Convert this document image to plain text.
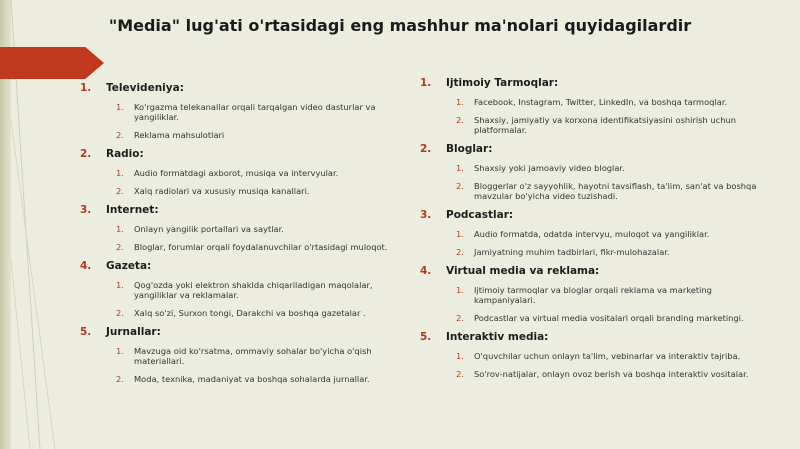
"Media" lug'ati o'rtasidagi eng mashhur ma'nolari quyidagilardir
1.	Televideniya:
1.	Ko'rgazma telekanallar orqali tarqalgan video dasturlar va yangiliklar.
2.	Reklama mahsulotlari
2.	Radio:
1.	Audio formatdagi axborot, musiqa va intervyular.
2.	Xalq radiolari va xususiy musiqa kanallari.
3.	Internet:
1.	Onlayn yangilik portallari va saytlar.
2.	Bloglar, forumlar orqali foydalanuvchilar o'rtasidagi muloqot.
4.	Gazeta:
1.	Qog'ozda yoki elektron shaklda chiqariladigan maqolalar, yangiliklar va reklamalar.
2.	Xalq so'zi, Surxon tongi, Darakchi va boshqa gazetalar .
5.	Jurnallar:
1.	Mavzuga oid ko'rsatma, ommaviy sohalar bo'yicha o'qish materiallari.
2.	Moda, texnika, madaniyat va boshqa sohalarda jurnallar.
1.	Ijtimoiy Tarmoqlar:
1.	Facebook, Instagram, Twitter, LinkedIn, va boshqa tarmoqlar.
2.	Shaxsiy, jamiyatiy va korxona identifikatsiyasini oshirish uchun platformalar.
2.	Bloglar:
1.	Shaxsiy yoki jamoaviy video bloglar.
2.	Bloggerlar o'z sayyohlik, hayotni tavsiflash, ta'lim, san'at va boshqa mavzular bo'yicha video tuzishadi.
3.	Podcastlar:
1.	Audio formatda, odatda intervyu, muloqot va yangiliklar.
2.	Jamiyatning muhim tadbirlari, fikr-mulohazalar.
4.	Virtual media va reklama:
1.	Ijtimoiy tarmoqlar va bloglar orqali reklama va marketing kampaniyalari.
2.	Podcastlar va virtual media vositalari orqali branding marketingi.
5.	Interaktiv media:
1.	O'quvchilar uchun onlayn ta'lim, vebinarlar va interaktiv tajriba.
2.	So'rov-natijalar, onlayn ovoz berish va boshqa interaktiv vositalar.
